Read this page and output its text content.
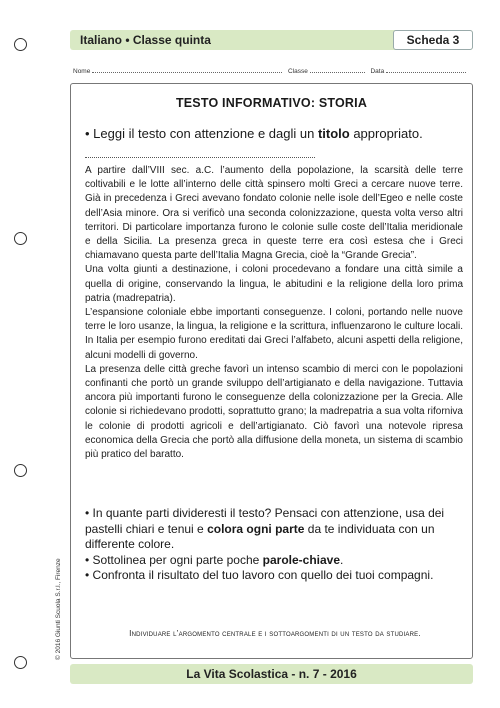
Italiano • Classe quinta	Scheda 3
Nome	Classe	Data
TESTO INFORMATIVO: STORIA
• Leggi il testo con attenzione e dagli un titolo appropriato.

A partire dall’VIII sec. a.C. l’aumento della popolazione, la scarsità delle terre coltivabili e le lotte all’interno delle città spinsero molti Greci a cercare nuove terre. Già in precedenza i Greci avevano fondato colonie nelle isole dell’Egeo e nelle coste dell’Asia minore. Ora si verificò una seconda colonizzazione, questa volta verso altri territori. Di particolare importanza furono le colonie sulle coste dell’Italia meridionale e della Sicilia. La presenza greca in queste terre era così estesa che i Greci chiamavano questa parte dell’Italia Magna Grecia, cioè la “Grande Grecia”.

Una volta giunti a destinazione, i coloni procedevano a fondare una città simile a quella di origine, conservando la lingua, le abitudini e la religione della loro prima patria (madrepatria).

L’espansione coloniale ebbe importanti conseguenze. I coloni, portando nelle nuove terre le loro usanze, la lingua, la religione e la scrittura, influenzarono le culture locali. In Italia per esempio furono ereditati dai Greci l’alfabeto, alcuni aspetti della religione, alcuni modelli di governo.

La presenza delle città greche favorì un intenso scambio di merci con le popolazioni confinanti che portò un grande sviluppo dell’artigianato e della navigazione. Tuttavia ancora più importanti furono le conseguenze della colonizzazione per la Grecia. Alle colonie si richiedevano prodotti, soprattutto grano; la madrepatria a sua volta riforniva le colonie di prodotti agricoli e dell’artigianato. Ciò favorì una notevole ripresa economica della Grecia che portò alla diffusione della moneta, un sistema di scambio più pratico del baratto.

• In quante parti divideresti il testo? Pensaci con attenzione, usa dei pastelli chiari e tenui e colora ogni parte da te individuata con un differente colore.

• Sottolinea per ogni parte poche parole-chiave.

• Confronta il risultato del tuo lavoro con quello dei tuoi compagni.

Individuare l’argomento centrale e i sottoargomenti di un testo da studiare.
La Vita Scolastica - n. 7 - 2016
© 2016 Giunti Scuola S.r.l., Firenze
